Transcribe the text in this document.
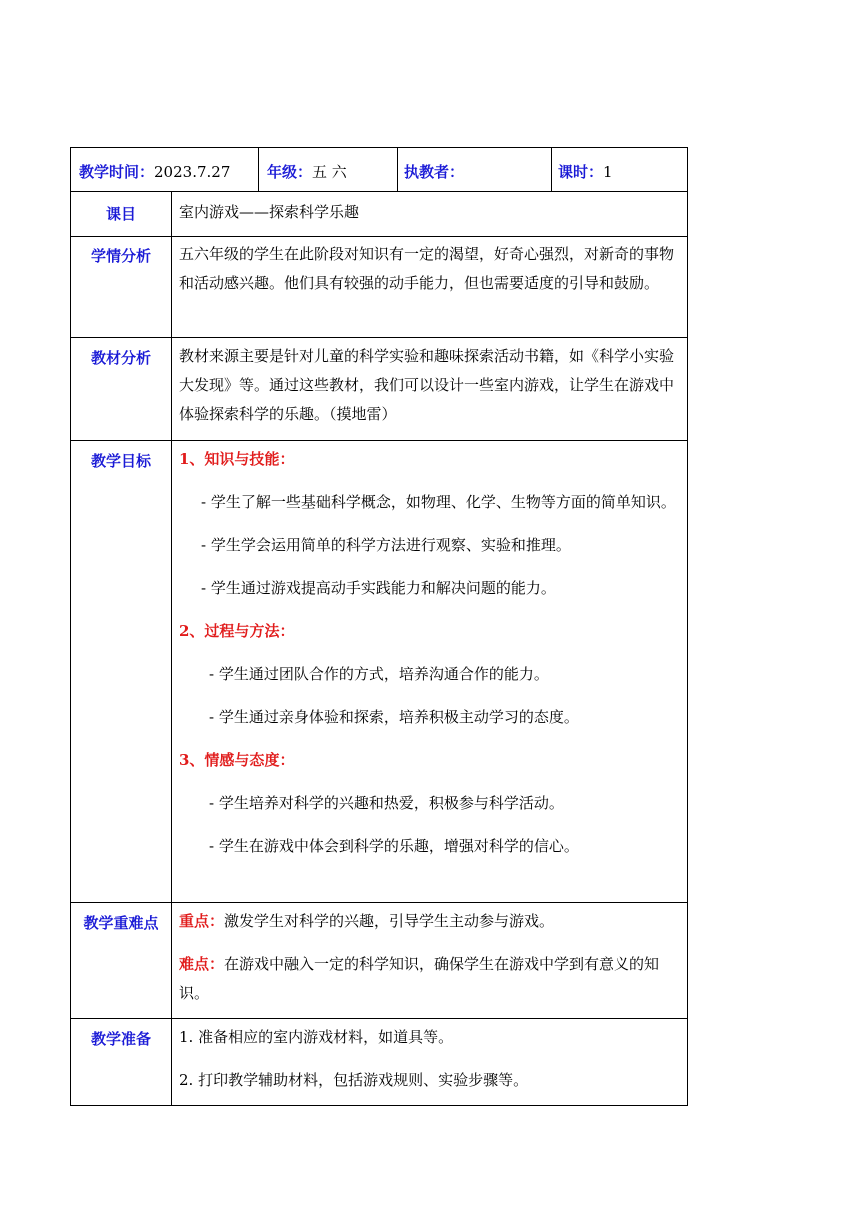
教学时间：2023.7.27	年级：五 六	执教者：	课时：1
课目	室内游戏——探索科学乐趣
学情分析	五六年级的学生在此阶段对知识有一定的渴望，好奇心强烈，对新奇的事物和活动感兴趣。他们具有较强的动手能力，但也需要适度的引导和鼓励。
教材分析	教材来源主要是针对儿童的科学实验和趣味探索活动书籍，如《科学小实验大发现》等。通过这些教材，我们可以设计一些室内游戏，让学生在游戏中体验探索科学的乐趣。（摸地雷）
教学目标	1、知识与技能：

- 学生了解一些基础科学概念，如物理、化学、生物等方面的简单知识。

- 学生学会运用简单的科学方法进行观察、实验和推理。

- 学生通过游戏提高动手实践能力和解决问题的能力。

2、过程与方法：

- 学生通过团队合作的方式，培养沟通合作的能力。

- 学生通过亲身体验和探索，培养积极主动学习的态度。

3、情感与态度：

- 学生培养对科学的兴趣和热爱，积极参与科学活动。

- 学生在游戏中体会到科学的乐趣，增强对科学的信心。

教学重难点	重点：激发学生对科学的兴趣，引导学生主动参与游戏。

难点：在游戏中融入一定的科学知识，确保学生在游戏中学到有意义的知识。

教学准备	1. 准备相应的室内游戏材料，如道具等。

2. 打印教学辅助材料，包括游戏规则、实验步骤等。
